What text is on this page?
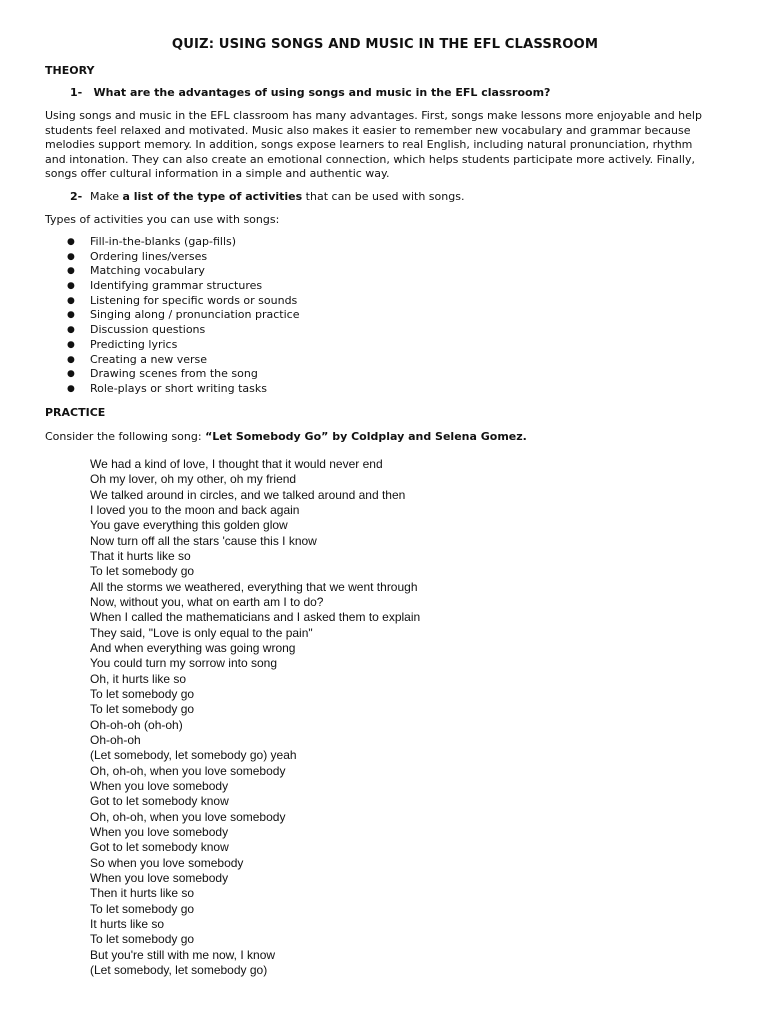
QUIZ: USING SONGS AND MUSIC IN THE EFL CLASSROOM
THEORY
1- What are the advantages of using songs and music in the EFL classroom?
Using songs and music in the EFL classroom has many advantages. First, songs make lessons more enjoyable and help students feel relaxed and motivated. Music also makes it easier to remember new vocabulary and grammar because melodies support memory. In addition, songs expose learners to real English, including natural pronunciation, rhythm and intonation. They can also create an emotional connection, which helps students participate more actively. Finally, songs offer cultural information in a simple and authentic way.
2- Make a list of the type of activities that can be used with songs.
Types of activities you can use with songs:
● Fill-in-the-blanks (gap-fills)
● Ordering lines/verses
● Matching vocabulary
● Identifying grammar structures
● Listening for specific words or sounds
● Singing along / pronunciation practice
● Discussion questions
● Predicting lyrics
● Creating a new verse
● Drawing scenes from the song
● Role-plays or short writing tasks
PRACTICE
Consider the following song: “Let Somebody Go” by Coldplay and Selena Gomez.
We had a kind of love, I thought that it would never end
Oh my lover, oh my other, oh my friend
We talked around in circles, and we talked around and then
I loved you to the moon and back again
You gave everything this golden glow
Now turn off all the stars 'cause this I know
That it hurts like so
To let somebody go
All the storms we weathered, everything that we went through
Now, without you, what on earth am I to do?
When I called the mathematicians and I asked them to explain
They said, "Love is only equal to the pain"
And when everything was going wrong
You could turn my sorrow into song
Oh, it hurts like so
To let somebody go
To let somebody go
Oh-oh-oh (oh-oh)
Oh-oh-oh
(Let somebody, let somebody go) yeah
Oh, oh-oh, when you love somebody
When you love somebody
Got to let somebody know
Oh, oh-oh, when you love somebody
When you love somebody
Got to let somebody know
So when you love somebody
When you love somebody
Then it hurts like so
To let somebody go
It hurts like so
To let somebody go
But you're still with me now, I know
(Let somebody, let somebody go)
